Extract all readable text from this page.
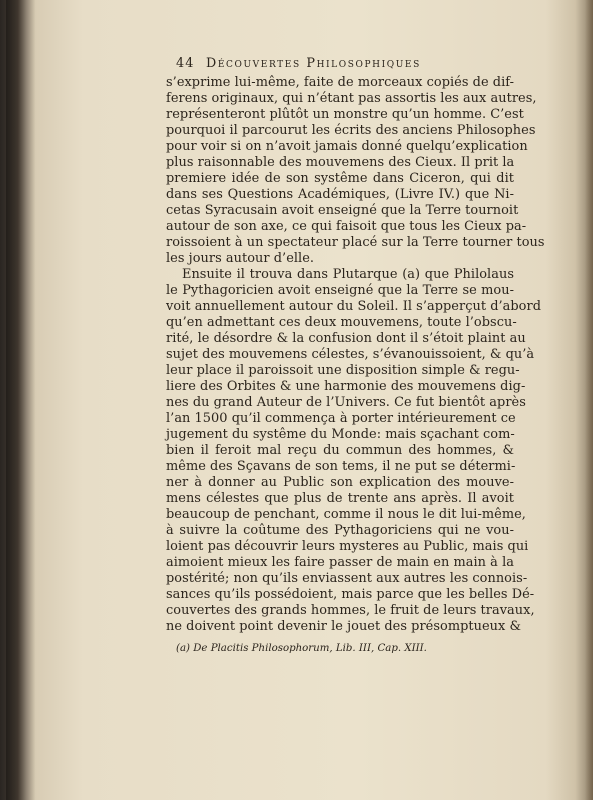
44 Découvertes Philosophiques
s’exprime lui-même, faite de morceaux copiés de dif-
ferens originaux, qui n’étant pas assortis les aux autres,
représenteront plûtôt un monstre qu’un homme. C’est
pourquoi il parcourut les écrits des anciens Philosophes
pour voir si on n’avoit jamais donné quelqu’explication
plus raisonnable des mouvemens des Cieux. Il prit la
premiere idée de son systême dans Ciceron, qui dit
dans ses Questions Académiques, (Livre IV.) que Ni-
cetas Syracusain avoit enseigné que la Terre tournoit
autour de son axe, ce qui faisoit que tous les Cieux pa-
roissoient à un spectateur placé sur la Terre tourner tous
les jours autour d’elle.
Ensuite il trouva dans Plutarque (a) que Philolaus
le Pythagoricien avoit enseigné que la Terre se mou-
voit annuellement autour du Soleil. Il s’apperçut d’abord
qu’en admettant ces deux mouvemens, toute l’obscu-
rité, le désordre & la confusion dont il s’étoit plaint au
sujet des mouvemens célestes, s’évanouissoient, & qu’à
leur place il paroissoit une disposition simple & regu-
liere des Orbites & une harmonie des mouvemens dig-
nes du grand Auteur de l’Univers. Ce fut bientôt après
l’an 1500 qu’il commença à porter intérieurement ce
jugement du systême du Monde: mais sçachant com-
bien il feroit mal reçu du commun des hommes, &
même des Sçavans de son tems, il ne put se détermi-
ner à donner au Public son explication des mouve-
mens célestes que plus de trente ans après. Il avoit
beaucoup de penchant, comme il nous le dit lui-même,
à suivre la coûtume des Pythagoriciens qui ne vou-
loient pas découvrir leurs mysteres au Public, mais qui
aimoient mieux les faire passer de main en main à la
postérité; non qu’ils enviassent aux autres les connois-
sances qu’ils possédoient, mais parce que les belles Dé-
couvertes des grands hommes, le fruit de leurs travaux,
ne doivent point devenir le jouet des présomptueux &
(a) De Placitis Philosophorum, Lib. III, Cap. XIII.
